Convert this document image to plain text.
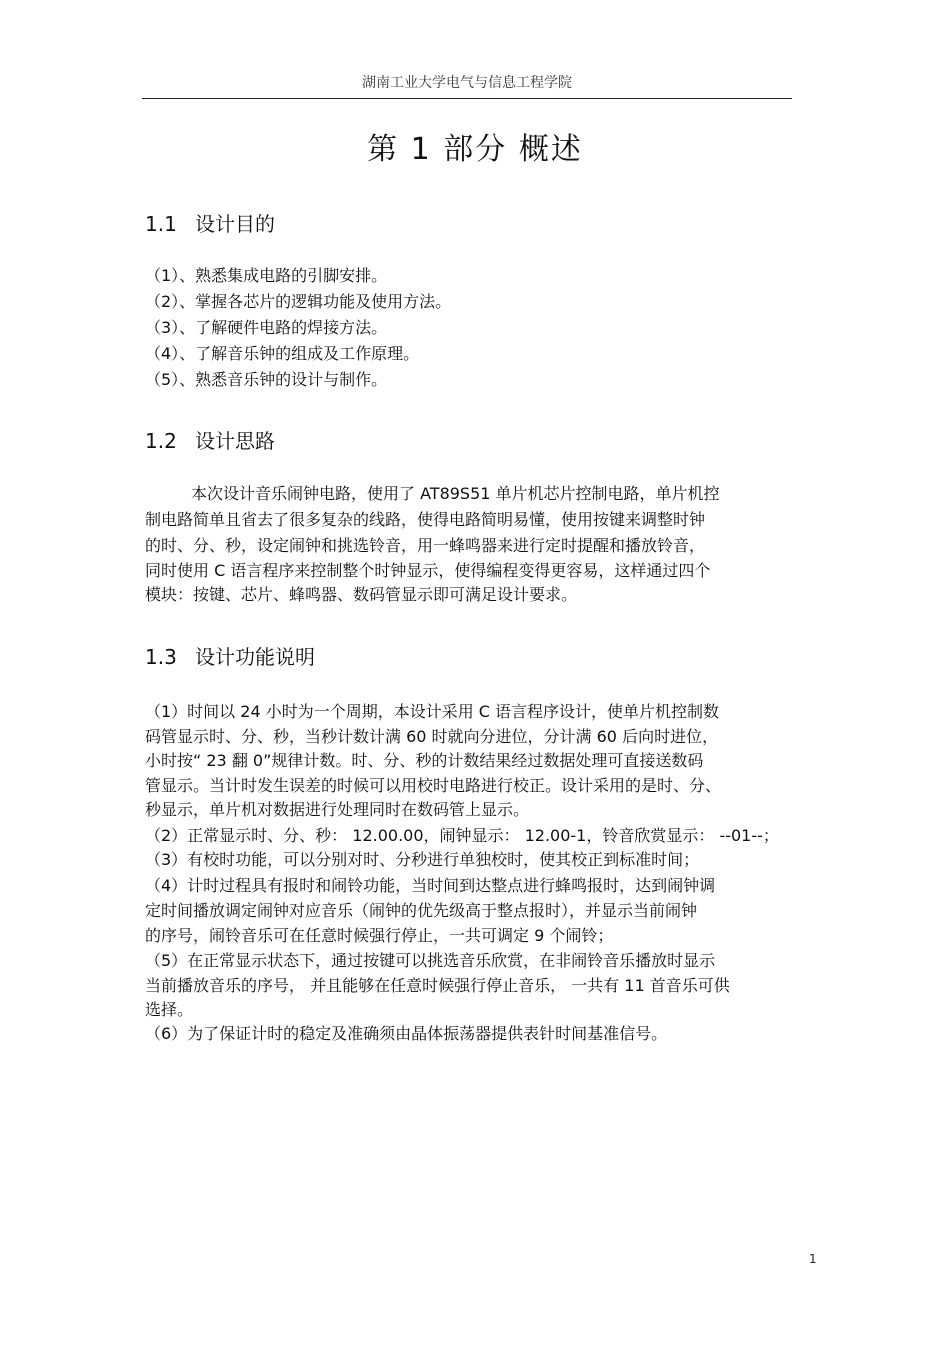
湖南工业大学电气与信息工程学院
第 1 部分 概述
1.1 设计目的
（1）、熟悉集成电路的引脚安排。
（2）、掌握各芯片的逻辑功能及使用方法。
（3）、了解硬件电路的焊接方法。
（4）、了解音乐钟的组成及工作原理。
（5）、熟悉音乐钟的设计与制作。
1.2 设计思路
本次设计音乐闹钟电路，使用了 AT89S51 单片机芯片控制电路，单片机控
制电路简单且省去了很多复杂的线路，使得电路简明易懂，使用按键来调整时钟
的时、分、秒，设定闹钟和挑选铃音，用一蜂鸣器来进行定时提醒和播放铃音，
同时使用 C 语言程序来控制整个时钟显示，使得编程变得更容易，这样通过四个
模块：按键、芯片、蜂鸣器、数码管显示即可满足设计要求。
1.3 设计功能说明
（1）时间以 24 小时为一个周期，本设计采用 C 语言程序设计，使单片机控制数
码管显示时、分、秒，当秒计数计满 60 时就向分进位，分计满 60 后向时进位，
小时按“ 23 翻 0”规律计数。时、分、秒的计数结果经过数据处理可直接送数码
管显示。当计时发生误差的时候可以用校时电路进行校正。设计采用的是时、分、
秒显示，单片机对数据进行处理同时在数码管上显示。
（2）正常显示时、分、秒： 12.00.00，闹钟显示： 12.00-1，铃音欣赏显示： --01--；
（3）有校时功能，可以分别对时、分秒进行单独校时，使其校正到标准时间；
（4）计时过程具有报时和闹铃功能，当时间到达整点进行蜂鸣报时，达到闹钟调
定时间播放调定闹钟对应音乐（闹钟的优先级高于整点报时），并显示当前闹钟
的序号，闹铃音乐可在任意时候强行停止，一共可调定 9 个闹铃；
（5）在正常显示状态下，通过按键可以挑选音乐欣赏，在非闹铃音乐播放时显示
当前播放音乐的序号， 并且能够在任意时候强行停止音乐， 一共有 11 首音乐可供
选择。
（6）为了保证计时的稳定及准确须由晶体振荡器提供表针时间基准信号。
1
